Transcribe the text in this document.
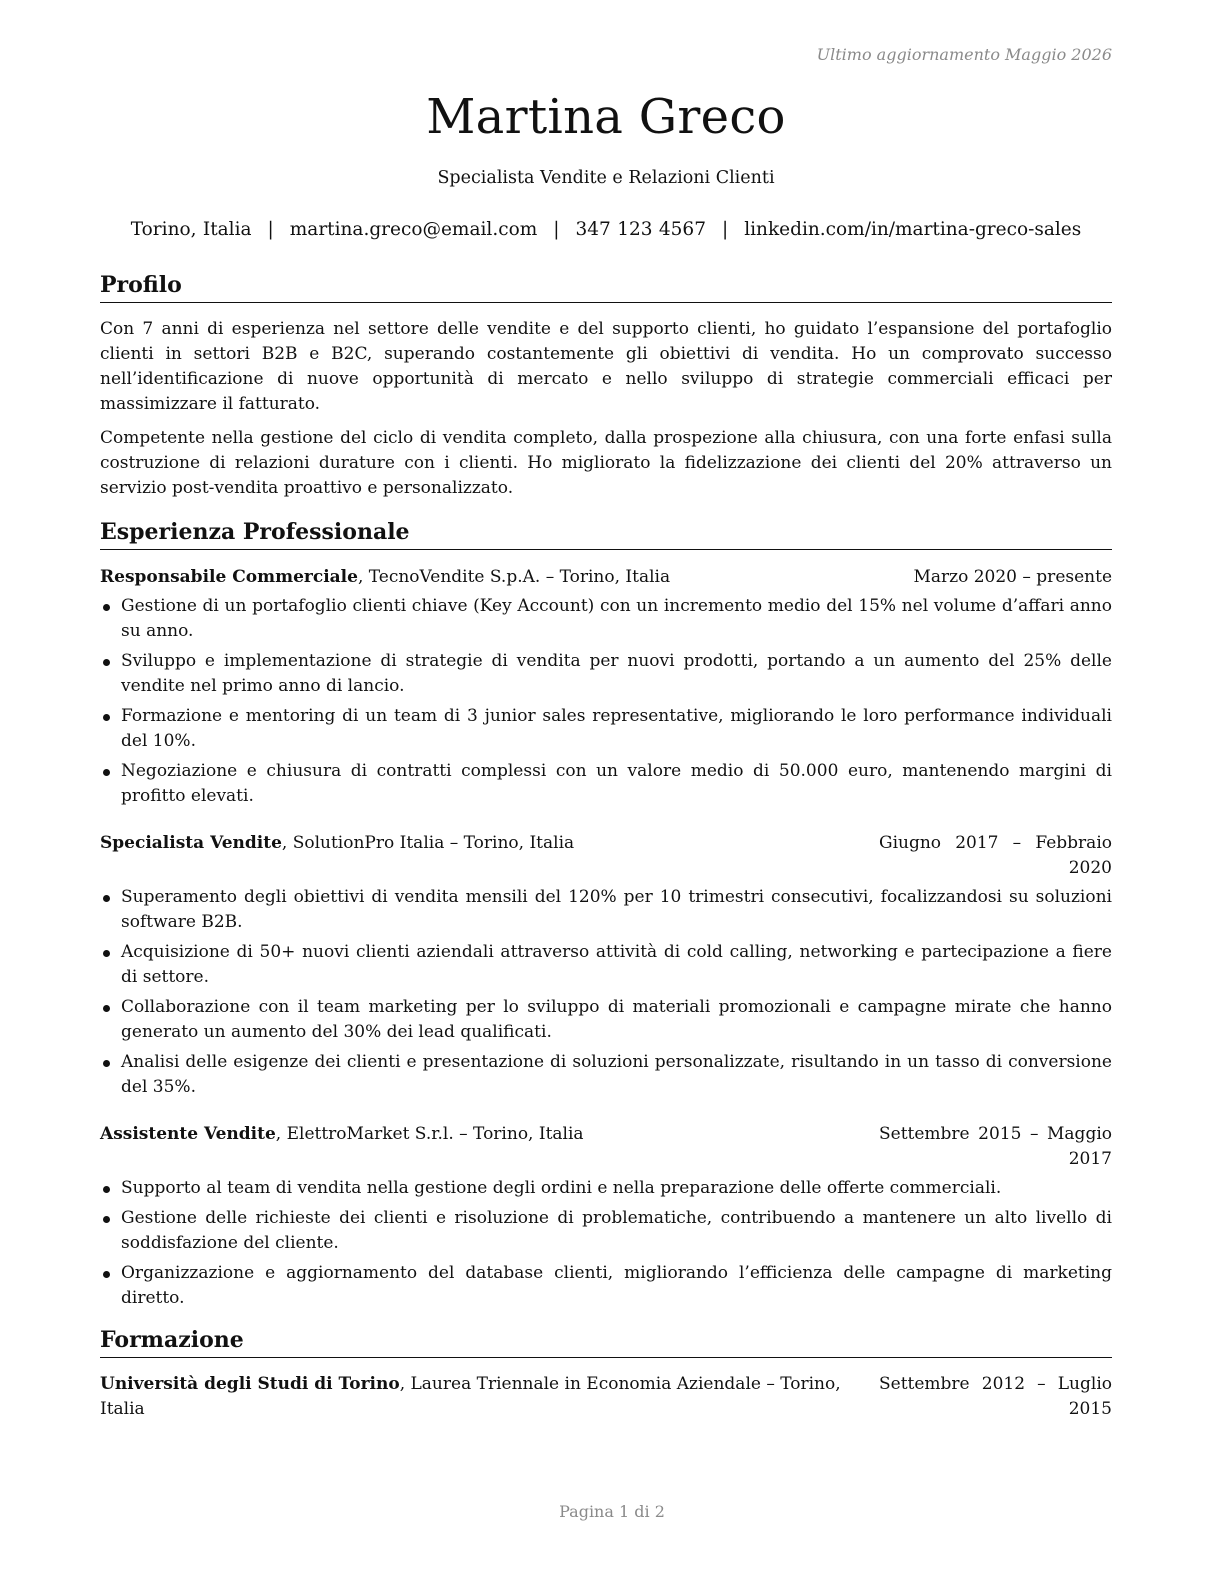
Ultimo aggiornamento Maggio 2026
Martina Greco
Specialista Vendite e Relazioni Clienti
Torino, Italia | martina.greco@email.com | 347 123 4567 | linkedin.com/in/martina-greco-sales
Profilo

Con 7 anni di esperienza nel settore delle vendite e del supporto clienti, ho guidato l’espansione del portafoglio clienti in settori B2B e B2C, superando costantemente gli obiettivi di vendita. Ho un comprovato successo nell’identificazione di nuove opportunità di mercato e nello sviluppo di strategie commerciali efficaci per massimizzare il fatturato.

Competente nella gestione del ciclo di vendita completo, dalla prospezione alla chiusura, con una forte enfasi sulla costruzione di relazioni durature con i clienti. Ho migliorato la fidelizzazione dei clienti del 20% attraverso un servizio post-vendita proattivo e personalizzato.

Esperienza Professionale
Responsabile Commerciale, TecnoVendite S.p.A. – Torino, Italia	Marzo 2020 – presente
Gestione di un portafoglio clienti chiave (Key Account) con un incremento medio del 15% nel volume d’affari anno su anno.
Sviluppo e implementazione di strategie di vendita per nuovi prodotti, portando a un aumento del 25% delle vendite nel primo anno di lancio.
Formazione e mentoring di un team di 3 junior sales representative, migliorando le loro performance individuali del 10%.
Negoziazione e chiusura di contratti complessi con un valore medio di 50.000 euro, mantenendo margini di profitto elevati.
Specialista Vendite, SolutionPro Italia – Torino, Italia	Giugno 2017 – Febbraio 2020
Superamento degli obiettivi di vendita mensili del 120% per 10 trimestri consecutivi, focalizzandosi su soluzioni software B2B.
Acquisizione di 50+ nuovi clienti aziendali attraverso attività di cold calling, networking e partecipazione a fiere di settore.
Collaborazione con il team marketing per lo sviluppo di materiali promozionali e campagne mirate che hanno generato un aumento del 30% dei lead qualificati.
Analisi delle esigenze dei clienti e presentazione di soluzioni personalizzate, risultando in un tasso di conversione del 35%.
Assistente Vendite, ElettroMarket S.r.l. – Torino, Italia	Settembre 2015 – Maggio 2017
Supporto al team di vendita nella gestione degli ordini e nella preparazione delle offerte commerciali.
Gestione delle richieste dei clienti e risoluzione di problematiche, contribuendo a mantenere un alto livello di soddisfazione del cliente.
Organizzazione e aggiornamento del database clienti, migliorando l’efficienza delle campagne di marketing diretto.
Formazione
Università degli Studi di Torino, Laurea Triennale in Economia Aziendale – Torino, Italia
Settembre 2012 – Luglio 2015
Pagina 1 di 2
